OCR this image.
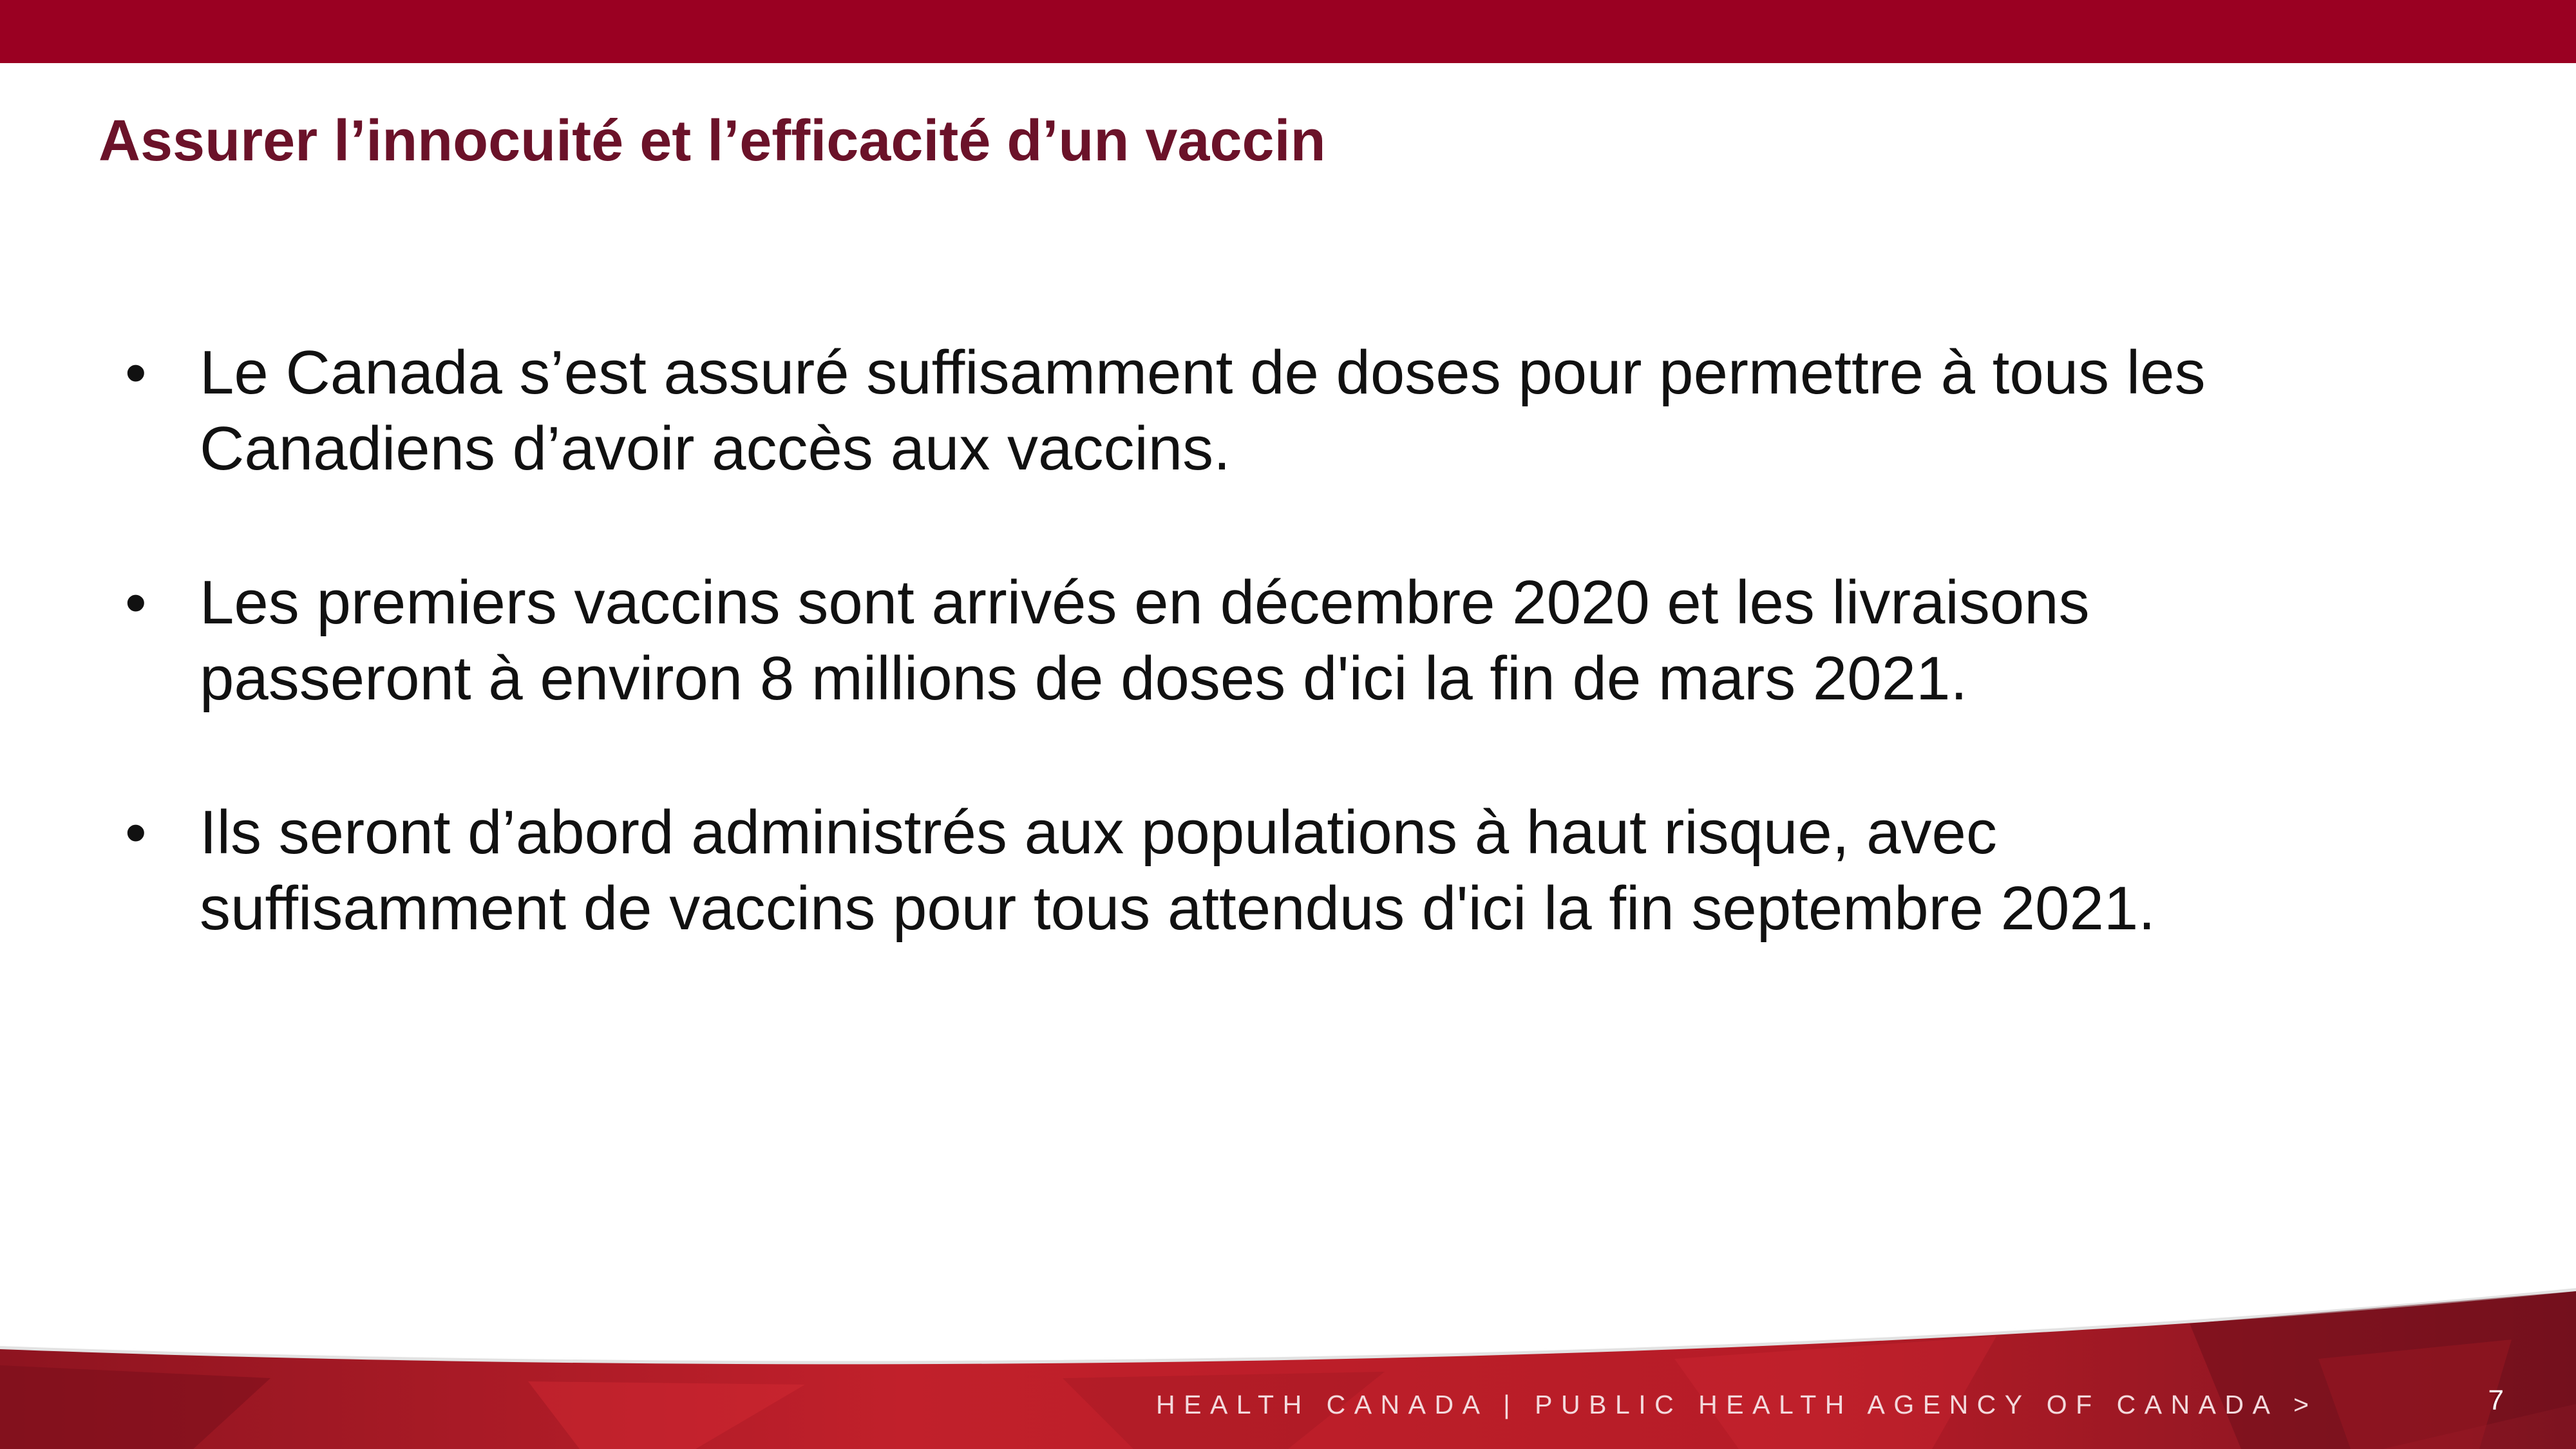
Assurer l’innocuité et l’efficacité d’un vaccin
• Le Canada s’est assuré suffisamment de doses pour permettre à tous les Canadiens d’avoir accès aux vaccins.
• Les premiers vaccins sont arrivés en décembre 2020 et les livraisons passeront à environ 8 millions de doses d'ici la fin de mars 2021.
• Ils seront d’abord administrés aux populations à haut risque, avec suffisamment de vaccins pour tous attendus d'ici la fin septembre 2021.
HEALTH CANADA | PUBLIC HEALTH AGENCY OF CANADA >	7
